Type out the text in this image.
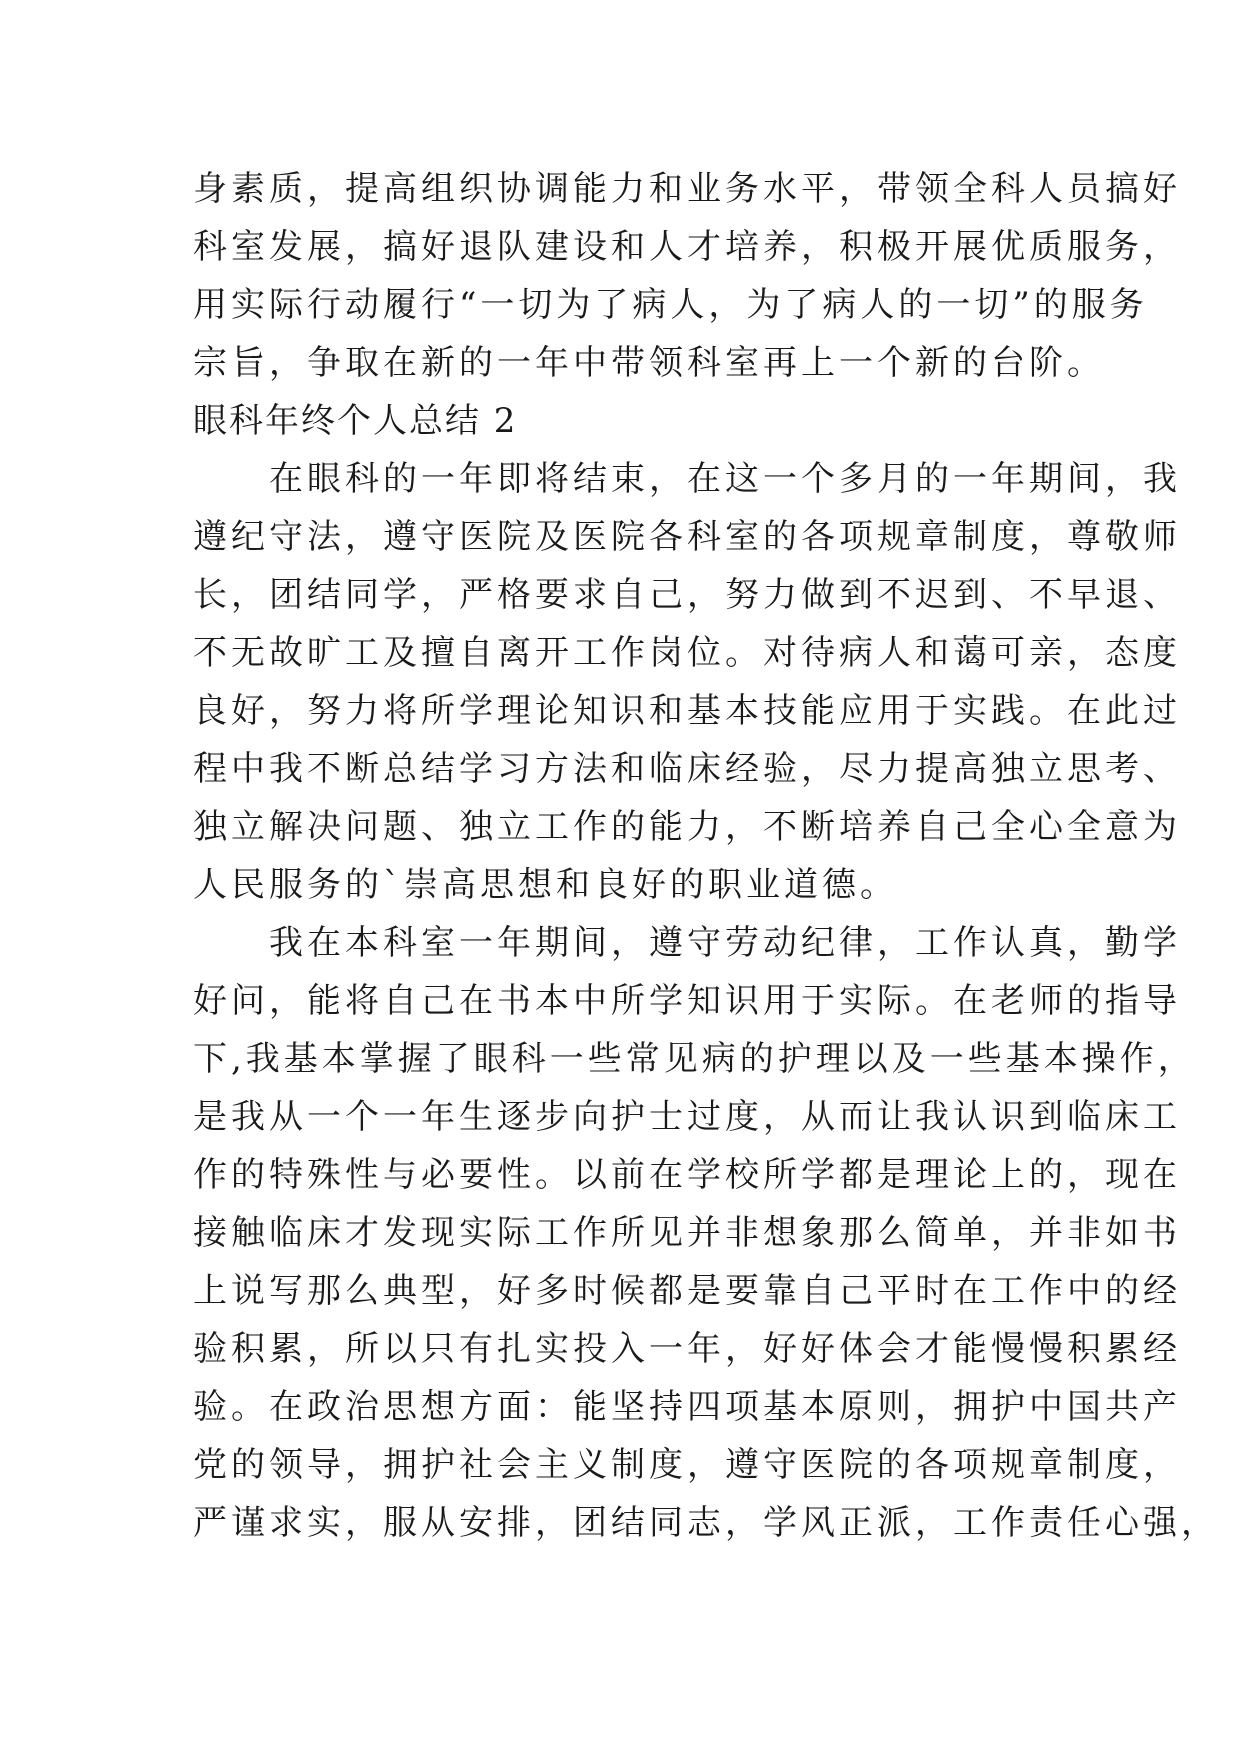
身素质，提高组织协调能力和业务水平，带领全科人员搞好
科室发展，搞好退队建设和人才培养，积极开展优质服务，
用实际行动履行“一切为了病人，为了病人的一切”的服务
宗旨，争取在新的一年中带领科室再上一个新的台阶。
眼科年终个人总结 2
　　在眼科的一年即将结束，在这一个多月的一年期间，我
遵纪守法，遵守医院及医院各科室的各项规章制度，尊敬师
长，团结同学，严格要求自己，努力做到不迟到、不早退、
不无故旷工及擅自离开工作岗位。对待病人和蔼可亲，态度
良好，努力将所学理论知识和基本技能应用于实践。在此过
程中我不断总结学习方法和临床经验，尽力提高独立思考、
独立解决问题、独立工作的能力，不断培养自己全心全意为
人民服务的`崇高思想和良好的职业道德。
　　我在本科室一年期间，遵守劳动纪律，工作认真，勤学
好问，能将自己在书本中所学知识用于实际。在老师的指导
下,我基本掌握了眼科一些常见病的护理以及一些基本操作，
是我从一个一年生逐步向护士过度，从而让我认识到临床工
作的特殊性与必要性。以前在学校所学都是理论上的，现在
接触临床才发现实际工作所见并非想象那么简单，并非如书
上说写那么典型，好多时候都是要靠自己平时在工作中的经
验积累，所以只有扎实投入一年，好好体会才能慢慢积累经
验。在政治思想方面：能坚持四项基本原则，拥护中国共产
党的领导，拥护社会主义制度，遵守医院的各项规章制度，
严谨求实，服从安排，团结同志，学风正派，工作责任心强，
